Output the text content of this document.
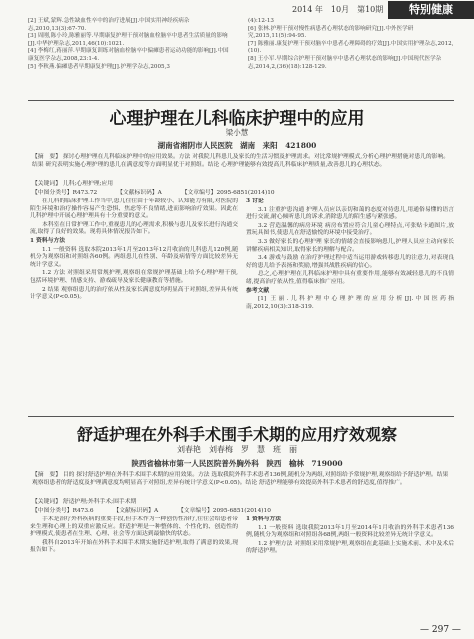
2014 年　10月　第10期	特别健康
[2] 王斌,蒙辉.急性缺血性卒中的治疗进展[J].中国实用神经疾病杂志,2010,13(3):67-70.
[3] 周刚,陈小玲,陈雅丽等.早期康复护理干预对脑血栓脑卒中患者生活质量的影响[J].中华护理杂志,2011,46(10):1021.
[4] 李梅红,蒋丽萍.早期康复训练对脑血栓脑卒中偏瘫患者运动功能的影响[J].中国康复医学杂志,2008,23:1-4.
[5] 李秋燕.偏瘫患者早期康复护理[J].护理学杂志,2005,3
(4):12-13
[6] 张林.护理干预对慢性病患者心理状态的影响研究[J].中外医学研究,2015,11(5):94-95.
[7] 陈雅丽.康复护理干预对脑卒中患者心理障碍的疗效[J].中国实用护理杂志,2012,(10).
[8] 王小军.早期综合护理干预对脑卒中患者心理状态的影响[J].中国现代医学杂志,2014,2,(36)(18):128-129.
心理护理在儿科临床护理中的应用
梁小慧
湖南省湘阴市人民医院　湖南　来阳　421800
【摘　要】 探讨心理护理在儿科临床护理中的应用效果。方法 对我院儿科患儿及家长的生活习惯及护理需求。对比常规护理模式,分析心理护理措施对患儿的影响。结果 研究表明实施心理护理的患儿在满意度等方面明显优于对照组。结论 心理护理能够有效提高儿科临床护理质量,改善患儿的心理状态。
【关键词】 儿科;心理护理;应用
【中图分类号】R473.72	【文献标识码】A	【文章编号】2095-6851(2014)10

在儿科的临床护理工作当中,患儿往往由于年龄较小、认知能力有限,对医院的陌生环境和治疗操作容易产生恐惧、焦虑等不良情绪,进而影响治疗效果。因此在儿科护理中开展心理护理具有十分重要的意义。

本科室在日常护理工作中,重视患儿的心理需求,积极与患儿及家长进行沟通交流,取得了良好的效果。现将具体情况报告如下。

1 资料与方法

1.1 一般资料 选取本院2013年1月至2013年12月收治的儿科患儿120例,随机分为观察组和对照组各60例。两组患儿在性别、年龄及病情等方面比较差异无统计学意义。

1.2 方法 对照组采用常规护理,观察组在常规护理基础上给予心理护理干预,包括环境护理、情感支持、游戏疏导及家长健康教育等措施。

2 结果 观察组患儿的治疗依从性及家长满意度均明显高于对照组,差异具有统计学意义(P<0.05)。

3 讨论

3.1 注重护患沟通 护理人员应以亲切和蔼的态度对待患儿,用通俗易懂的语言进行交流,耐心倾听患儿的诉求,消除患儿的陌生感与紧张感。

3.2 营造温馨的病房环境 病房布置应符合儿童心理特点,可张贴卡通图片,放置玩具图书,使患儿在舒适愉悦的环境中接受治疗。

3.3 做好家长的心理护理 家长的情绪会直接影响患儿,护理人员应主动向家长讲解疾病相关知识,取得家长的理解与配合。

3.4 游戏与鼓励 在治疗护理过程中适当运用游戏转移患儿的注意力,对表现良好的患儿给予表扬和奖励,增强其战胜疾病的信心。

总之,心理护理在儿科临床护理中具有重要作用,能够有效减轻患儿的不良情绪,提高治疗依从性,值得临床推广应用。

参考文献

[1] 王丽.儿科护理中心理护理的应用分析[J].中国医药指南,2012,10(3):318-319.

舒适护理在外科手术围手术期的应用疗效观察
刘春艳　刘春梅　罗　慧　班　丽
陕西省榆林市第一人民医院普外胸外科　陕西　榆林　719000
【摘　要】 目的 探讨舒适护理在外科手术围手术期的应用效果。方法 选取我院外科手术患者136例,随机分为两组,对照组给予常规护理,观察组给予舒适护理。结果 观察组患者的舒适度及护理满意度均明显高于对照组,差异有统计学意义(P<0.05)。结论 舒适护理能够有效提高外科手术患者的舒适度,值得推广。
【关键词】 舒适护理;外科手术;围手术期
【中图分类号】R473.6	【文献标识码】A	【文章编号】2095-6851(2014)10

手术是治疗外科疾病的重要手段,但手术作为一种创伤性治疗,往往会给患者带来生理和心理上的双重应激反应。舒适护理是一种整体的、个性化的、创造性的护理模式,使患者在生理、心理、社会等方面达到最愉快的状态。

我科自2013年开始在外科手术围手术期实施舒适护理,取得了满意的效果,现报告如下。

1 资料与方法

1.1 一般资料 选取我院2013年1月至2014年1月收治的外科手术患者136例,随机分为观察组和对照组各68例,两组一般资料比较差异无统计学意义。

1.2 护理方法 对照组采用常规护理,观察组在此基础上实施术前、术中及术后的舒适护理。

— 297 —
